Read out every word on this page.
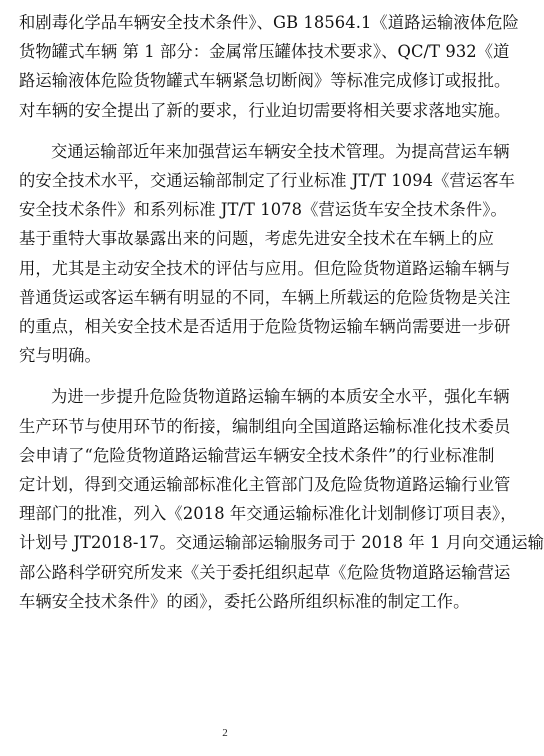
和剧毒化学品车辆安全技术条件》、GB 18564.1《道路运输液体危险
货物罐式车辆 第 1 部分：金属常压罐体技术要求》、QC/T 932《道
路运输液体危险货物罐式车辆紧急切断阀》等标准完成修订或报批。
对车辆的安全提出了新的要求，行业迫切需要将相关要求落地实施。

交通运输部近年来加强营运车辆安全技术管理。为提高营运车辆
的安全技术水平，交通运输部制定了行业标准 JT/T 1094《营运客车
安全技术条件》和系列标准 JT/T 1078《营运货车安全技术条件》。
基于重特大事故暴露出来的问题，考虑先进安全技术在车辆上的应
用，尤其是主动安全技术的评估与应用。但危险货物道路运输车辆与
普通货运或客运车辆有明显的不同，车辆上所载运的危险货物是关注
的重点，相关安全技术是否适用于危险货物运输车辆尚需要进一步研
究与明确。

为进一步提升危险货物道路运输车辆的本质安全水平，强化车辆
生产环节与使用环节的衔接，编制组向全国道路运输标准化技术委员
会申请了“危险货物道路运输营运车辆安全技术条件”的行业标准制
定计划，得到交通运输部标准化主管部门及危险货物道路运输行业管
理部门的批准，列入《2018 年交通运输标准化计划制修订项目表》，
计划号 JT2018-17。交通运输部运输服务司于 2018 年 1 月向交通运输
部公路科学研究所发来《关于委托组织起草《危险货物道路运输营运
车辆安全技术条件》的函》，委托公路所组织标准的制定工作。

2
